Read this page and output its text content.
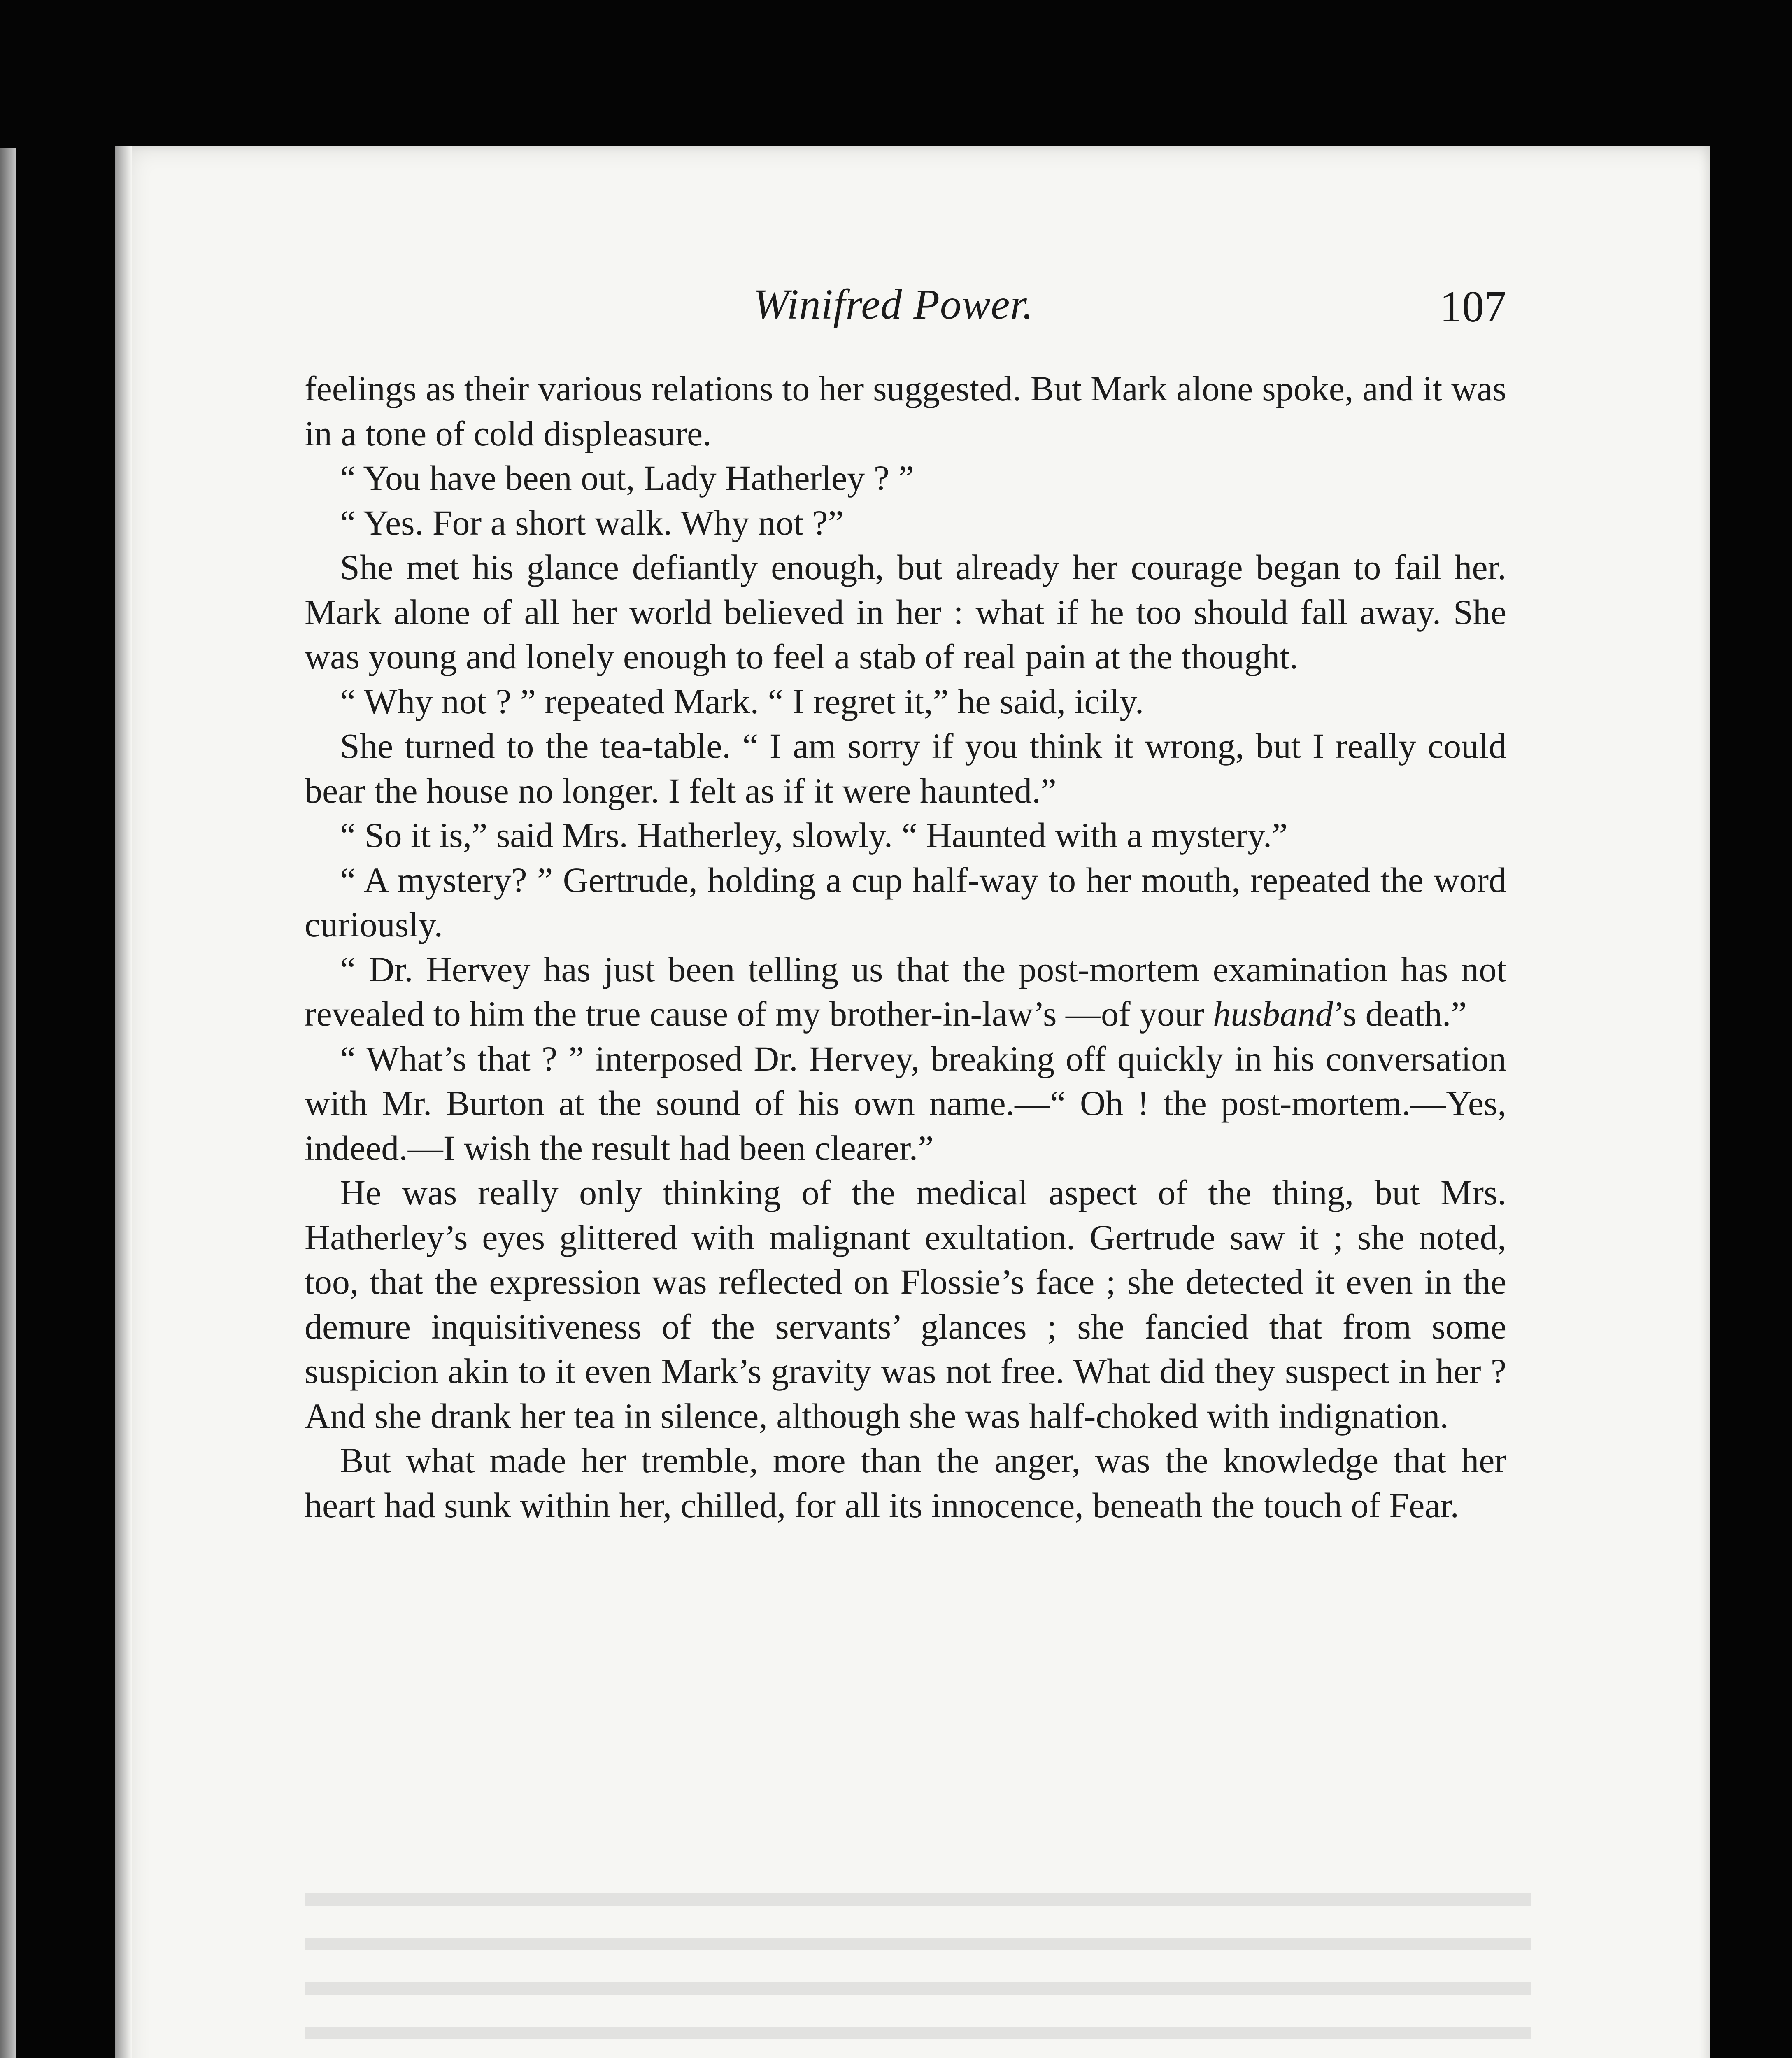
Winifred Power.	107

feelings as their various relations to her suggested. But Mark alone spoke, and it was in a tone of cold displeasure.

“ You have been out, Lady Hatherley ? ”

“ Yes. For a short walk. Why not ?”

She met his glance defiantly enough, but already her courage began to fail her. Mark alone of all her world believed in her : what if he too should fall away. She was young and lonely enough to feel a stab of real pain at the thought.

“ Why not ? ” repeated Mark. “ I regret it,” he said, icily.

She turned to the tea-table. “ I am sorry if you think it wrong, but I really could bear the house no longer. I felt as if it were haunted.”

“ So it is,” said Mrs. Hatherley, slowly. “ Haunted with a mystery.”

“ A mystery? ” Gertrude, holding a cup half-way to her mouth, repeated the word curiously.

“ Dr. Hervey has just been telling us that the post-mortem examination has not revealed to him the true cause of my brother-in-law’s —of your husband’s death.”

“ What’s that ? ” interposed Dr. Hervey, breaking off quickly in his conversation with Mr. Burton at the sound of his own name.—“ Oh ! the post-mortem.—Yes, indeed.—I wish the result had been clearer.”

He was really only thinking of the medical aspect of the thing, but Mrs. Hatherley’s eyes glittered with malignant exultation. Gertrude saw it ; she noted, too, that the expression was reflected on Flossie’s face ; she detected it even in the demure inquisitiveness of the servants’ glances ; she fancied that from some suspicion akin to it even Mark’s gravity was not free. What did they suspect in her ? And she drank her tea in silence, although she was half-choked with indignation.

But what made her tremble, more than the anger, was the knowledge that her heart had sunk within her, chilled, for all its innocence, beneath the touch of Fear.
